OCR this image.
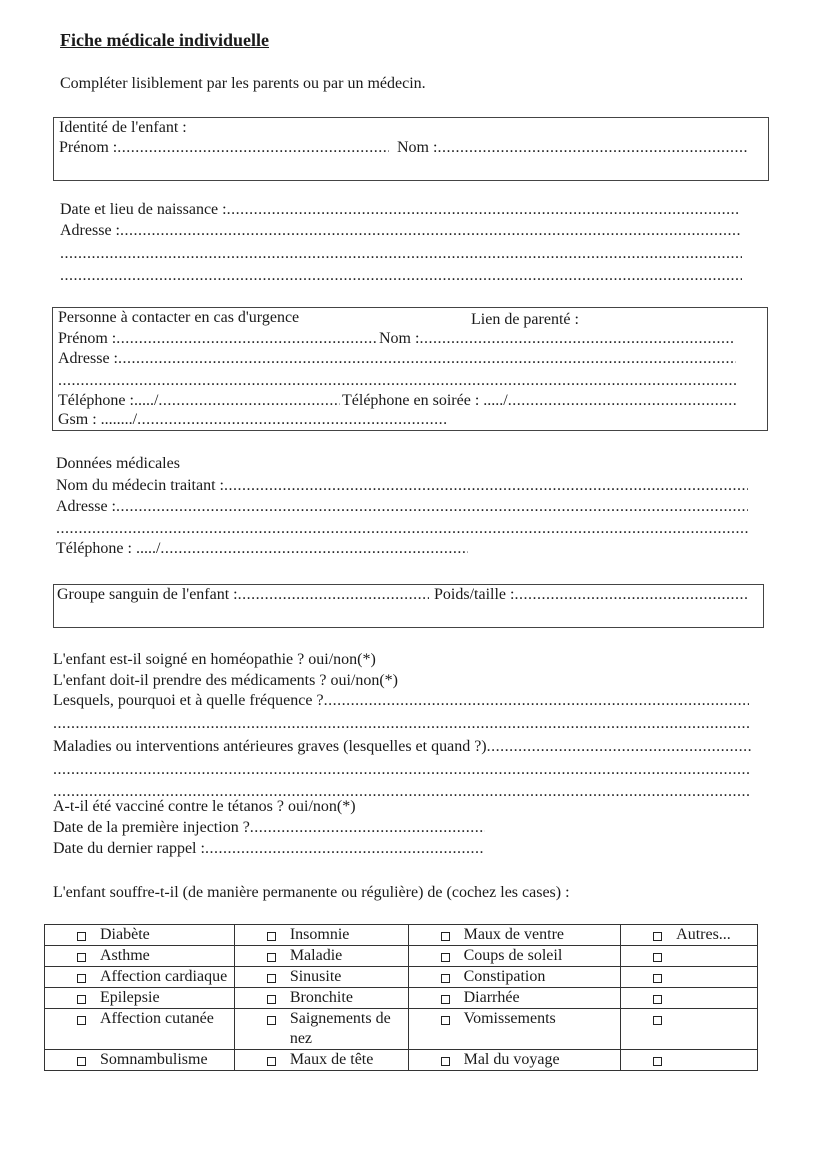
Fiche médicale individuelle
Compléter lisiblement par les parents ou par un médecin.
Identité de l'enfant :
Prénom : .....	Nom :
.....
Date et lieu de naissance :
.....
Adresse :
.....
.....
.....
Personne à contacter en cas d'urgence	Lien de parenté :
Prénom : .....	Nom :
.....
Adresse :
.....
.....
Téléphone :...../ .....	Téléphone en soirée : ...../
.....
Gsm : ......../
.....
Données médicales
Nom du médecin traitant :
.....
Adresse :
.....
.....
Téléphone : ...../
.....
Groupe sanguin de l'enfant : .....	Poids/taille :
.....
L'enfant est-il soigné en homéopathie ? oui/non(*)
L'enfant doit-il prendre des médicaments ? oui/non(*)
Lesquels, pourquoi et à quelle fréquence ?
.....
.....
Maladies ou interventions antérieures graves (lesquelles et quand ?)
.....
.....
.....
A-t-il été vacciné contre le tétanos ? oui/non(*)
Date de la première injection ?
.....
Date du dernier rappel :
.....
L'enfant souffre-t-il (de manière permanente ou régulière) de (cochez les cases) :
Diabète	Insomnie	Maux de ventre	Autres...

Asthme	Maladie	Coups de soleil	

Affection cardiaque	Sinusite	Constipation	

Epilepsie	Bronchite	Diarrhée	

Affection cutanée	Saignements de nez	Vomissements	

Somnambulisme	Maux de tête	Mal du voyage	
